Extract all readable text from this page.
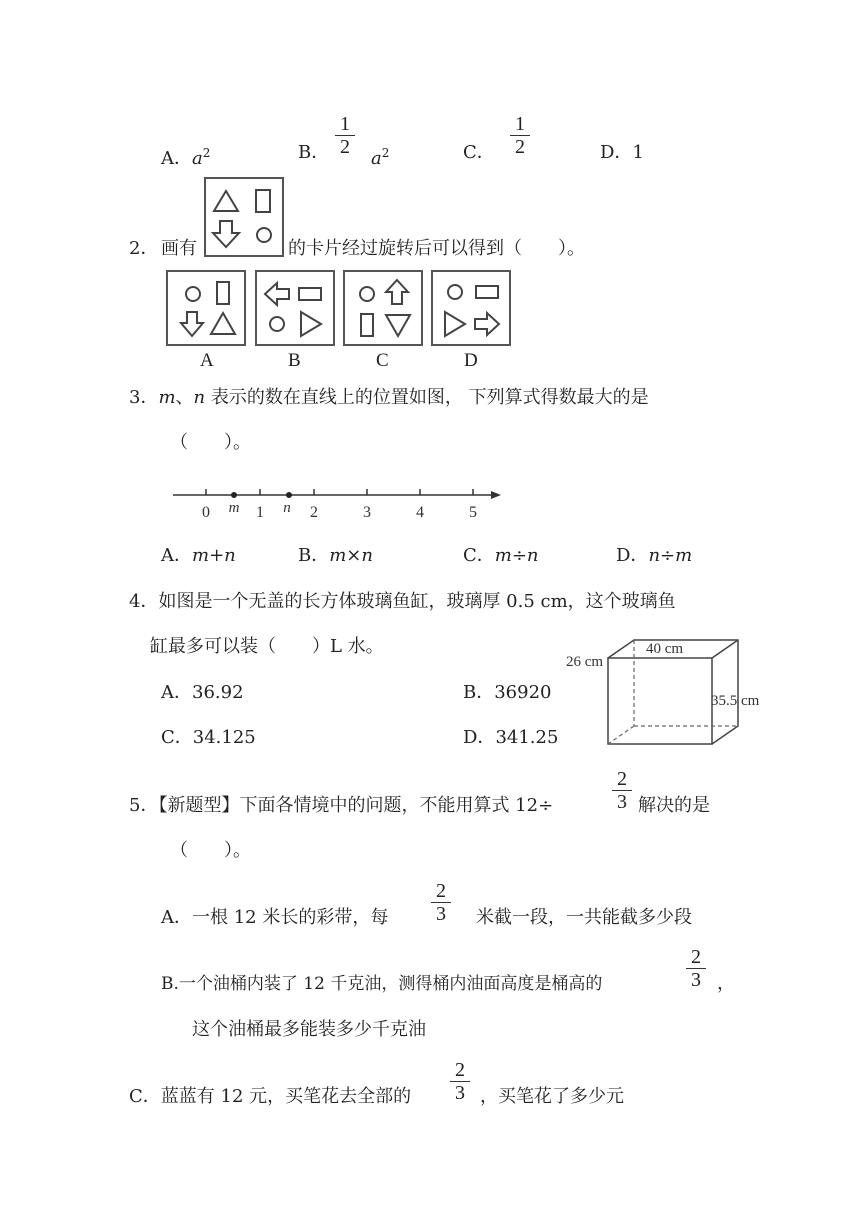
A．$a^2$	B．
1
2
$a^2$	C．
1
2	D．1
2． 画有	的卡片经过旋转后可以得到（　　）。
A	B	C	D
3．m、n 表示的数在直线上的位置如图， 下列算式得数最大的是
（　　）。
0	1	2	3	4	5
m	n
A．m+n	B．m×n	C．m÷n	D．n÷m
4．如图是一个无盖的长方体玻璃鱼缸，玻璃厚 0.5 cm，这个玻璃鱼
缸最多可以装（　　）L 水。
A．36.92	B．36920
C．34.125	D．341.25
26 cm
40 cm
35.5 cm
5．【新题型】下面各情境中的问题，不能用算式 12÷
2
3 解决的是
（　　）。
A．一根 12 米长的彩带，每
2
3 米截一段，一共能截多少段
B.一个油桶内装了 12 千克油，测得桶内油面高度是桶高的
2
3 ，
这个油桶最多能装多少千克油
C．蓝蓝有 12 元，买笔花去全部的
2
3 ，买笔花了多少元
